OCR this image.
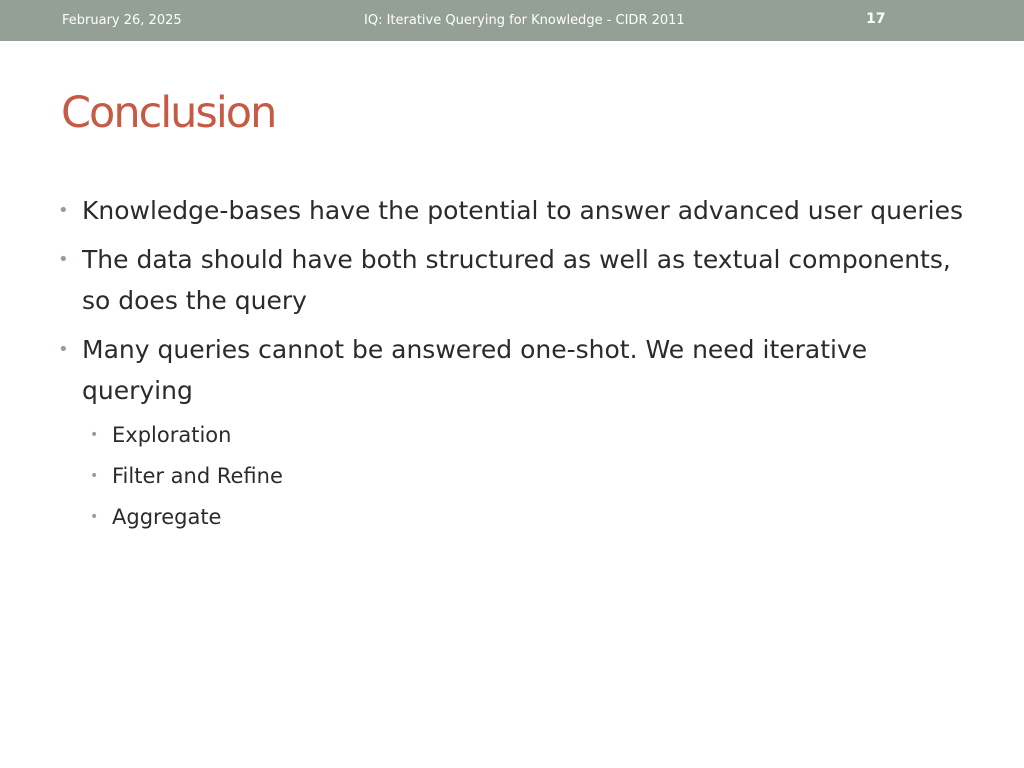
February 26, 2025	IQ: Iterative Querying for Knowledge - CIDR 2011	17
Conclusion
• Knowledge-bases have the potential to answer advanced user queries
• The data should have both structured as well as textual components, so does the query
• Many queries cannot be answered one-shot. We need iterative querying
• Exploration
• Filter and Refine
• Aggregate
